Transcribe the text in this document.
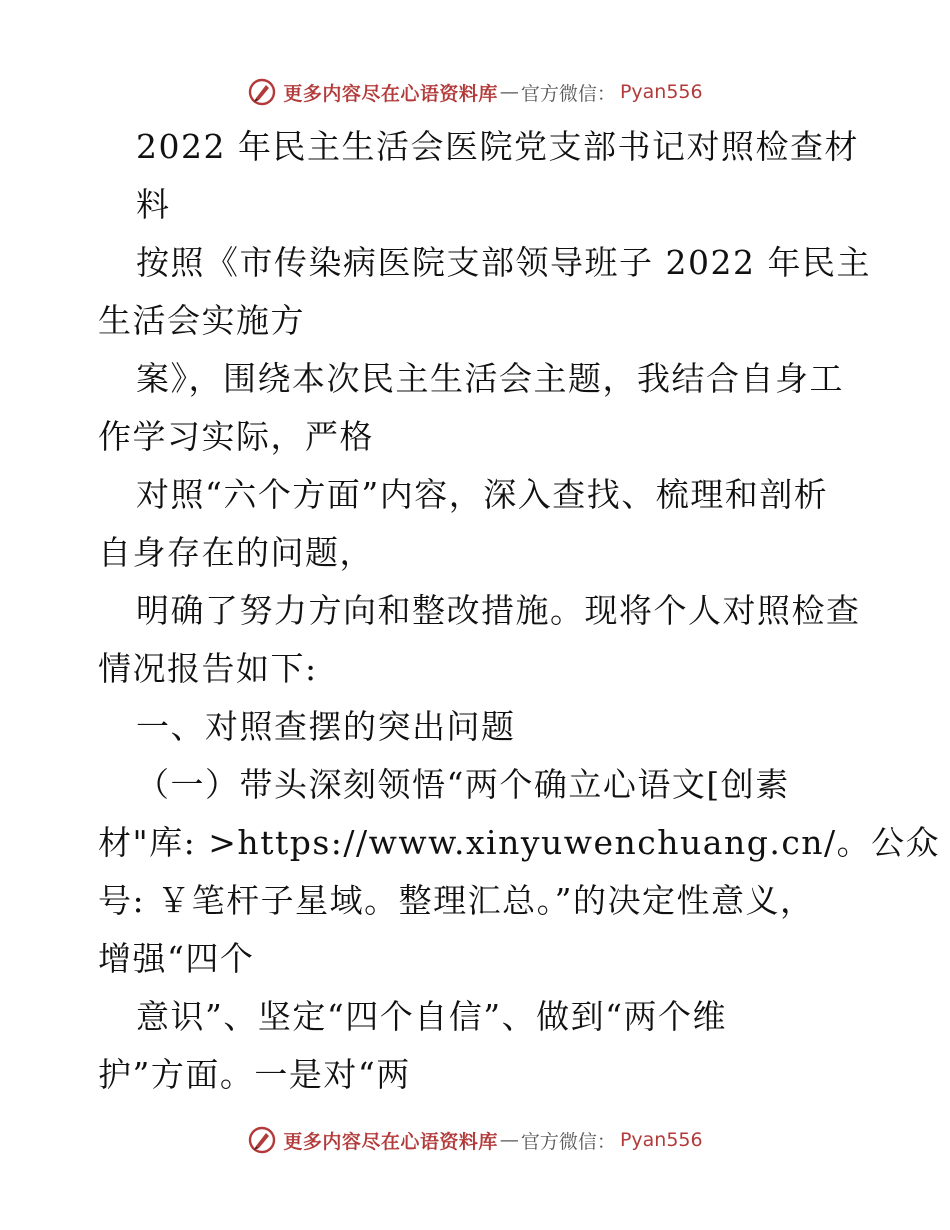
更多内容尽在心语资料库 — 官方微信： Pyan556
2022 年民主生活会医院党支部书记对照检查材
料
按照《市传染病医院支部领导班子 2022 年民主
生活会实施方
案》，围绕本次民主生活会主题，我结合自身工
作学习实际，严格
对照“六个方面”内容，深入查找、梳理和剖析
自身存在的问题，
明确了努力方向和整改措施。现将个人对照检查
情况报告如下:
一、对照查摆的突出问题
（一）带头深刻领悟“两个确立心语文[创素
材"库: >https://www.xinyuwenchuang.cn/。公众
号: ￥笔杆子星域。整理汇总。”的决定性意义，
增强“四个
意识”、坚定“四个自信”、做到“两个维
护”方面。一是对“两
更多内容尽在心语资料库 — 官方微信： Pyan556
